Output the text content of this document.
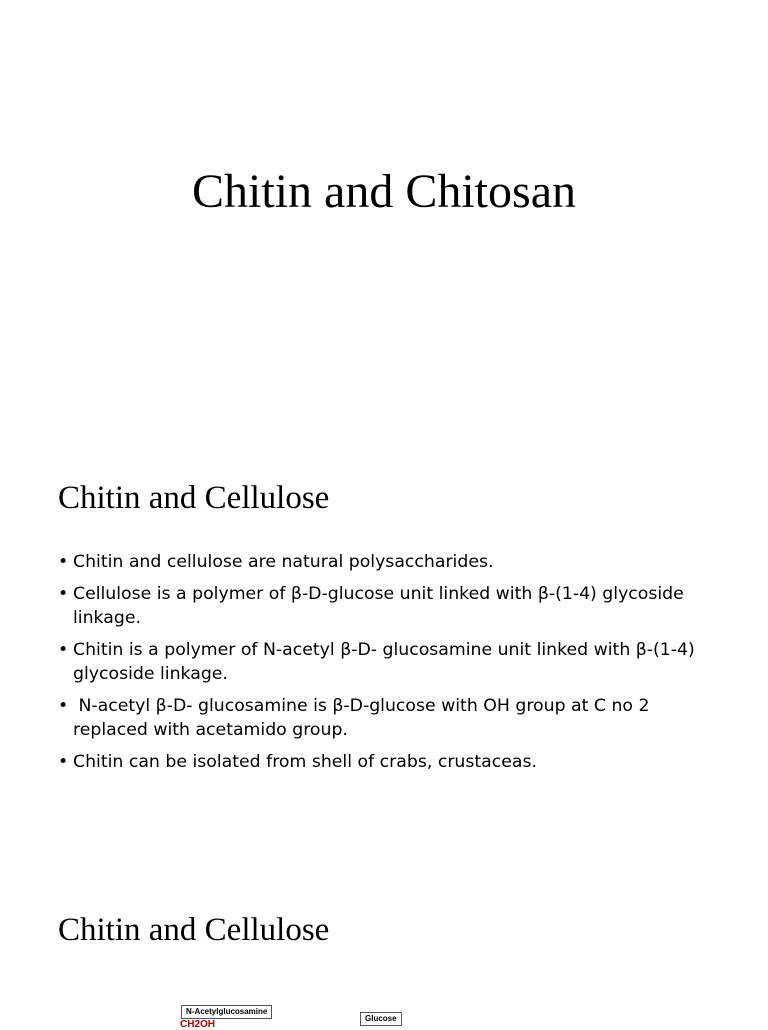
Chitin and Chitosan
Chitin and Cellulose
• Chitin and cellulose are natural polysaccharides.
• Cellulose is a polymer of β-D-glucose unit linked with β-(1-4) glycoside linkage.
• Chitin is a polymer of N-acetyl β-D- glucosamine unit linked with β-(1-4) glycoside linkage.
• N-acetyl β-D- glucosamine is β-D-glucose with OH group at C no 2 replaced with acetamido group.
• Chitin can be isolated from shell of crabs, crustaceas.
Chitin and Cellulose
N-Acetylglucosamine
Glucose
CH2OH
